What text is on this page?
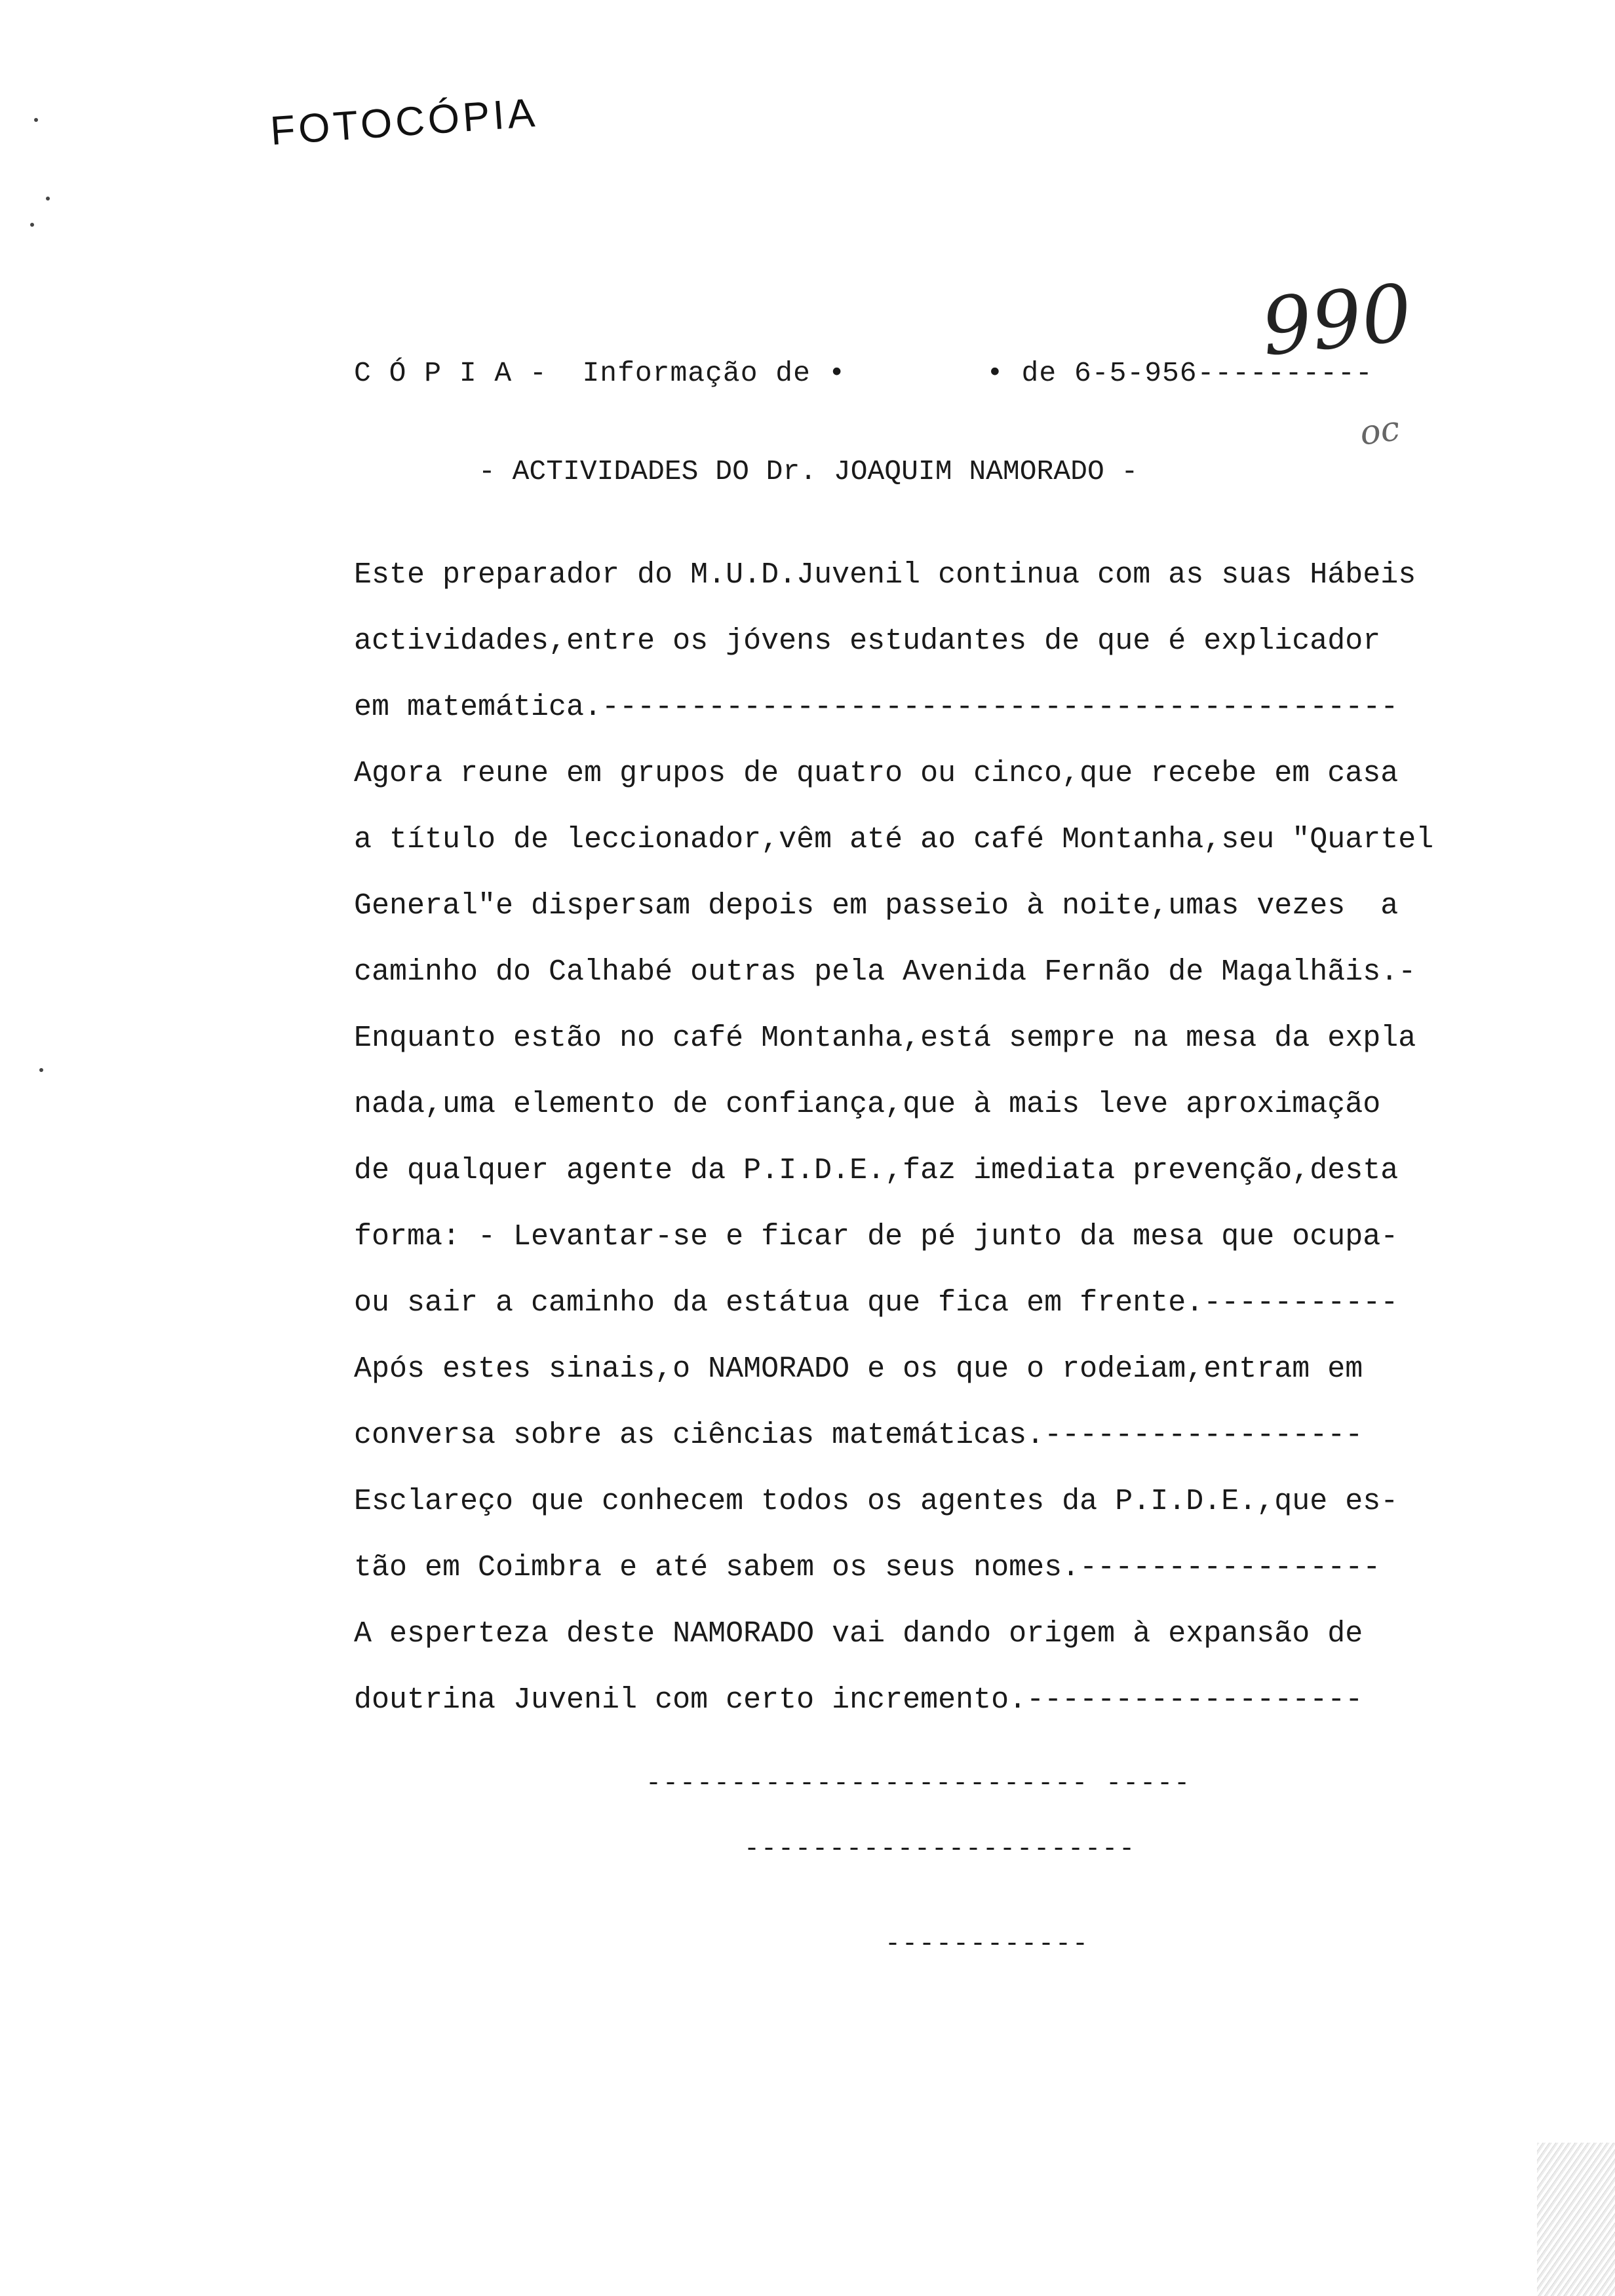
FOTOCÓPIA
990
oc
C Ó P I A -  Informação de •        • de 6-5-956----------
- ACTIVIDADES DO Dr. JOAQUIM NAMORADO -
Este preparador do M.U.D.Juvenil continua com as suas Hábeis
actividades,entre os jóvens estudantes de que é explicador
em matemática.---------------------------------------------
Agora reune em grupos de quatro ou cinco,que recebe em casa
a título de leccionador,vêm até ao café Montanha,seu "Quartel
General"e dispersam depois em passeio à noite,umas vezes  a
caminho do Calhabé outras pela Avenida Fernão de Magalhãis.-
Enquanto estão no café Montanha,está sempre na mesa da expla
nada,uma elemento de confiança,que à mais leve aproximação
de qualquer agente da P.I.D.E.,faz imediata prevenção,desta
forma: - Levantar-se e ficar de pé junto da mesa que ocupa-
ou sair a caminho da estátua que fica em frente.-----------
Após estes sinais,o NAMORADO e os que o rodeiam,entram em
conversa sobre as ciências matemáticas.------------------
Esclareço que conhecem todos os agentes da P.I.D.E.,que es-
tão em Coimbra e até sabem os seus nomes.-----------------
A esperteza deste NAMORADO vai dando origem à expansão de
doutrina Juvenil com certo incremento.-------------------
-------------------------- -----
-----------------------
------------
